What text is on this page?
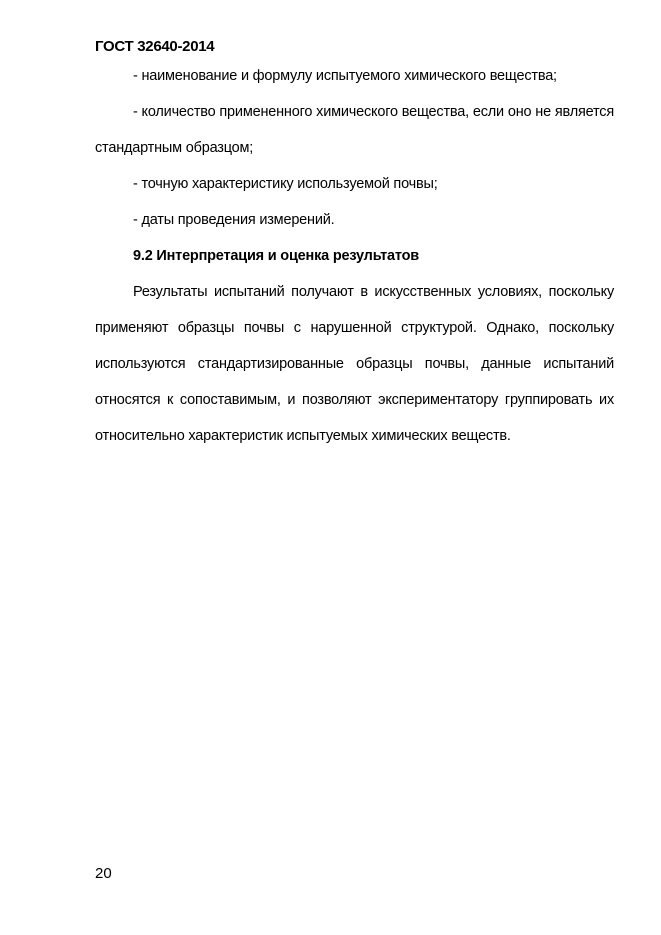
ГОСТ 32640-2014

- наименование и формулу испытуемого химического вещества;

- количество примененного химического вещества, если оно не является стандартным образцом;

- точную характеристику используемой почвы;

- даты проведения измерений.

9.2 Интерпретация и оценка результатов

Результаты испытаний получают в искусственных условиях, поскольку применяют образцы почвы с нарушенной структурой. Однако, поскольку используются стандартизированные образцы почвы, данные испытаний относятся к сопоставимым, и позволяют экспериментатору группировать их относительно характеристик испытуемых химических веществ.

20
